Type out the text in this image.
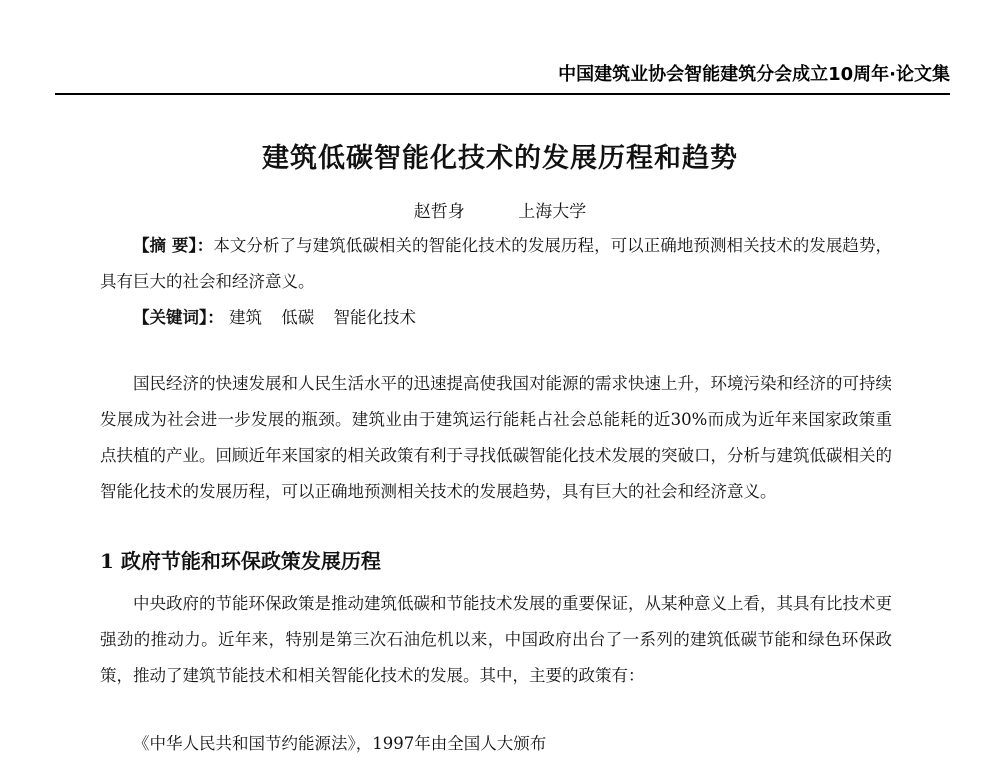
中国建筑业协会智能建筑分会成立10周年·论文集
建筑低碳智能化技术的发展历程和趋势
赵哲身	上海大学
【摘 要】：本文分析了与建筑低碳相关的智能化技术的发展历程，可以正确地预测相关技术的发展趋势，具有巨大的社会和经济意义。
【关键词】： 建筑 低碳 智能化技术
国民经济的快速发展和人民生活水平的迅速提高使我国对能源的需求快速上升，环境污染和经济的可持续发展成为社会进一步发展的瓶颈。建筑业由于建筑运行能耗占社会总能耗的近30%而成为近年来国家政策重点扶植的产业。回顾近年来国家的相关政策有利于寻找低碳智能化技术发展的突破口，分析与建筑低碳相关的智能化技术的发展历程，可以正确地预测相关技术的发展趋势，具有巨大的社会和经济意义。
1 政府节能和环保政策发展历程
中央政府的节能环保政策是推动建筑低碳和节能技术发展的重要保证，从某种意义上看，其具有比技术更强劲的推动力。近年来，特别是第三次石油危机以来，中国政府出台了一系列的建筑低碳节能和绿色环保政策，推动了建筑节能技术和相关智能化技术的发展。其中，主要的政策有：
《中华人民共和国节约能源法》，1997年由全国人大颁布
